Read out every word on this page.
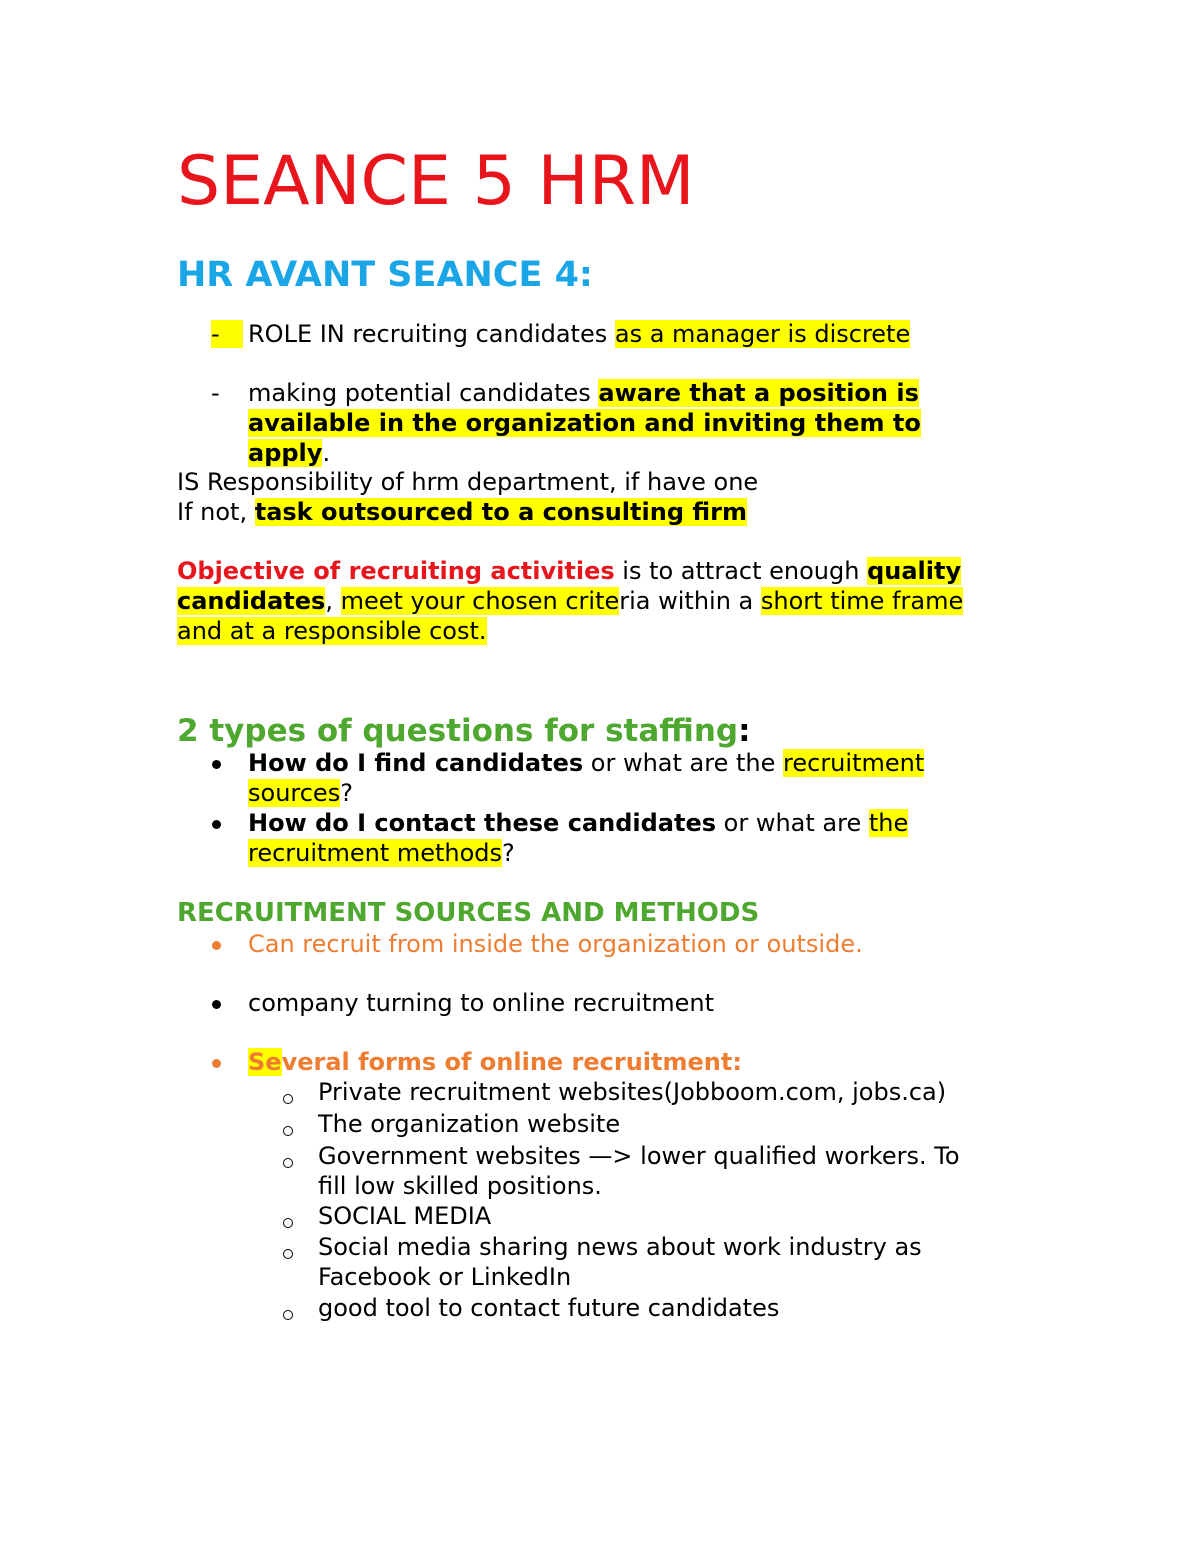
SEANCE 5 HRM
HR AVANT SEANCE 4:
-	ROLE IN recruiting candidates as a manager is discrete
- making potential candidates aware that a position is
available in the organization and inviting them to
apply.
IS Responsibility of hrm department, if have one
If not, task outsourced to a consulting firm
Objective of recruiting activities is to attract enough quality
candidates, meet your chosen criteria within a short time frame
and at a responsible cost.
2 types of questions for staffing:
How do I find candidates or what are the recruitment
sources?
How do I contact these candidates or what are the
recruitment methods?
RECRUITMENT SOURCES AND METHODS
Can recruit from inside the organization or outside.
company turning to online recruitment
Several forms of online recruitment:
Private recruitment websites(Jobboom.com, jobs.ca)
The organization website
Government websites —> lower qualified workers. To
fill low skilled positions.
SOCIAL MEDIA
Social media sharing news about work industry as
Facebook or LinkedIn
good tool to contact future candidates
